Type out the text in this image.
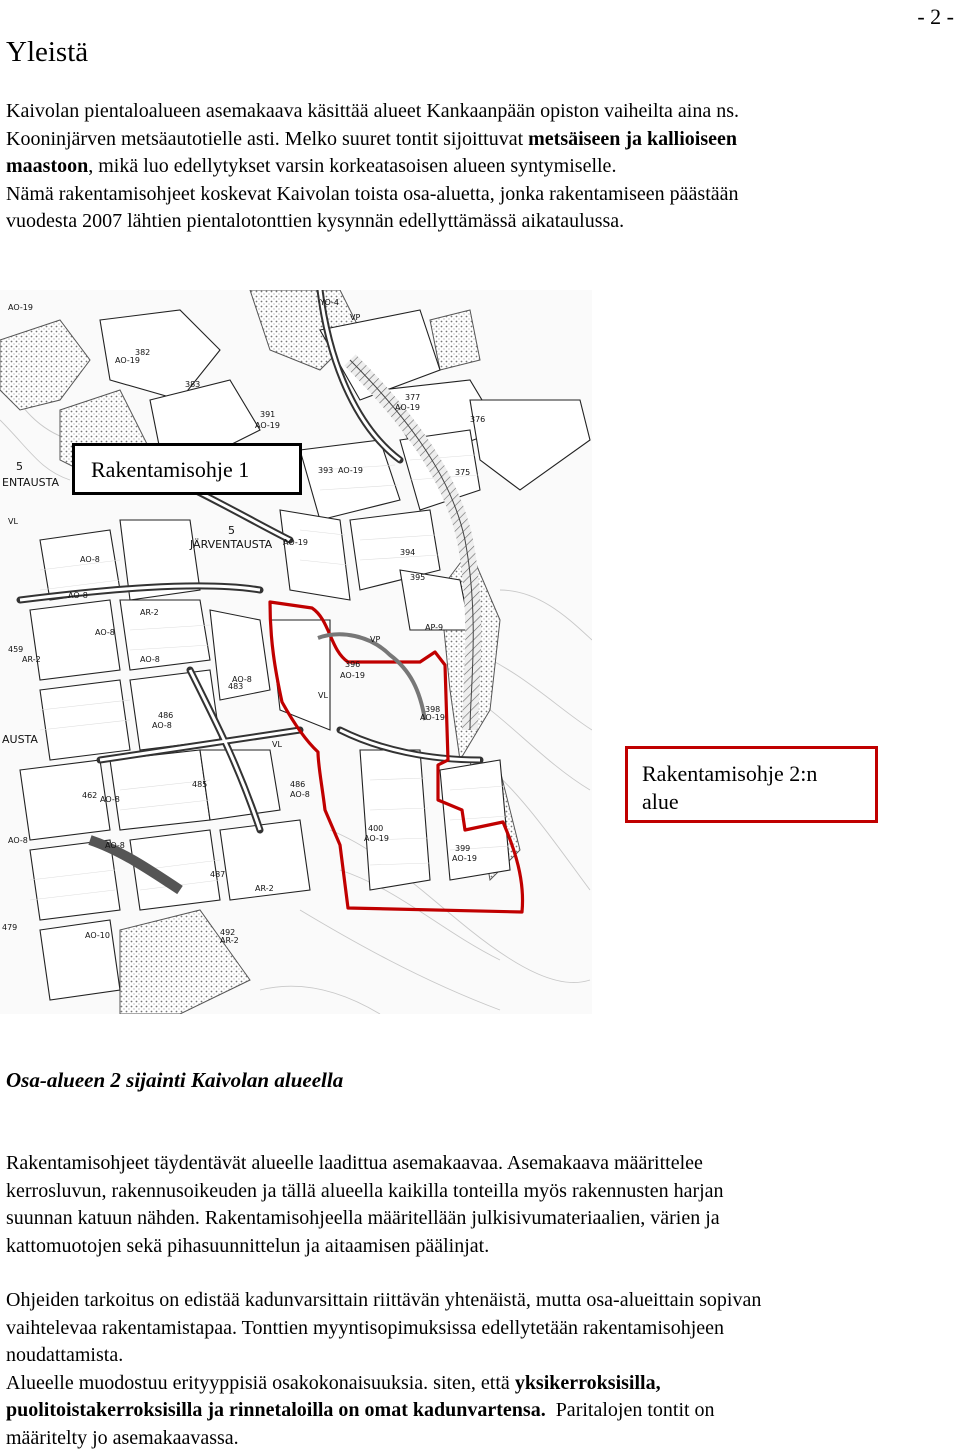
- 2 -
Yleistä
Kaivolan pientaloalueen asemakaava käsittää alueet Kankaanpään opiston vaiheilta aina ns.
Kooninjärven metsäautotielle asti. Melko suuret tontit sijoittuvat metsäiseen ja kallioiseen
maastoon, mikä luo edellytykset varsin korkeatasoisen alueen syntymiselle.
Nämä rakentamisohjeet koskevat Kaivolan toista osa-aluetta, jonka rakentamiseen päästään
vuodesta 2007 lähtien pientalotonttien kysynnän edellyttämässä aikataulussa.
YO-4
VP
AO-19
382
AO-19
383
391
AO-19
377
AO-19
376
375
393 AO-19
AO-19
394
395
AP-9
5
JÄRVENTAUSTA
5
ENTAUSTA
VL
AO-8
AO-8
AR-2
AO-8
AR-2	AO-8
459
396
AO-19
VP
398
AO-19
AO-8
483
486
AO-8
AUSTA	VL
VL
485	486
AO-8
AO-8
400
AO-19
399
AO-19
462
AO-8
487
AR-2
492
AR-2
AO-10
479
AO-8
Rakentamisohje 1
Rakentamisohje 2:n
alue
Osa-alueen 2 sijainti Kaivolan alueella
Rakentamisohjeet täydentävät alueelle laadittua asemakaavaa. Asemakaava määrittelee
kerrosluvun, rakennusoikeuden ja tällä alueella kaikilla tonteilla myös rakennusten harjan
suunnan katuun nähden. Rakentamisohjeella määritellään julkisivumateriaalien, värien ja
kattomuotojen sekä pihasuunnittelun ja aitaamisen päälinjat.
Ohjeiden tarkoitus on edistää kadunvarsittain riittävän yhtenäistä, mutta osa-alueittain sopivan
vaihtelevaa rakentamistapaa. Tonttien myyntisopimuksissa edellytetään rakentamisohjeen
noudattamista.
Alueelle muodostuu erityyppisiä osakokonaisuuksia. siten, että yksikerroksisilla,
puolitoistakerroksisilla ja rinnetaloilla on omat kadunvartensa.  Paritalojen tontit on
määritelty jo asemakaavassa.
